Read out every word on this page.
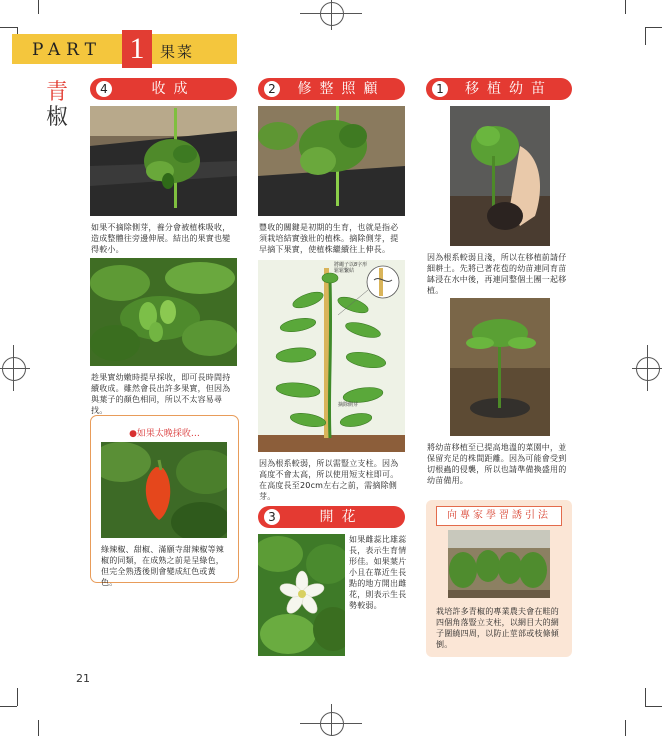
PART 1	果菜
青
椒
4	收成
如果不摘除側芽，養分會被植株吸收，造成整體往旁邊伸展。結出的果實也變得較小。
趁果實幼嫩時提早採收，即可長時間持續收成。雖然會長出許多果實，但因為與葉子的顏色相同，所以不太容易尋找。
●如果太晚採收…
綠辣椒、甜椒、滿願寺甜辣椒等辣椒的同類，在成熟之前是呈綠色，但完全熟透後則會變成紅色或黃色。
2	修整照顧
豐收的關鍵是初期的生育，也就是指必須栽培結實強壯的植株。摘除側芽，提早摘下果實，使植株繼續往上伸長。
將繩子以8字形
鬆鬆繫結
摘除側芽
因為根系較弱，所以需豎立支柱。因為高度不會太高，所以使用短支柱即可。在高度長至20cm左右之前，需摘除側芽。
3	開花
如果雌蕊比雄蕊長，表示生育情形佳。如果葉片小且在靠近生長點的地方開出雌花，則表示生長勢較弱。
1	移植幼苗
因為根系較弱且淺，所以在移植前請仔細耕土。先將已著花苞的幼苗連同育苗缽浸在水中後，再連同整個土團一起移植。
將幼苗移植至已提高地溫的菜園中，並保留充足的株間距離。因為可能會受到切根蟲的侵襲，所以也請準備換盛用的幼苗備用。
向專家學習誘引法
栽培許多青椒的專業農夫會在畦的四個角落豎立支柱，以網目大的網子圍繞四周，以防止莖部或枝條傾倒。
21
